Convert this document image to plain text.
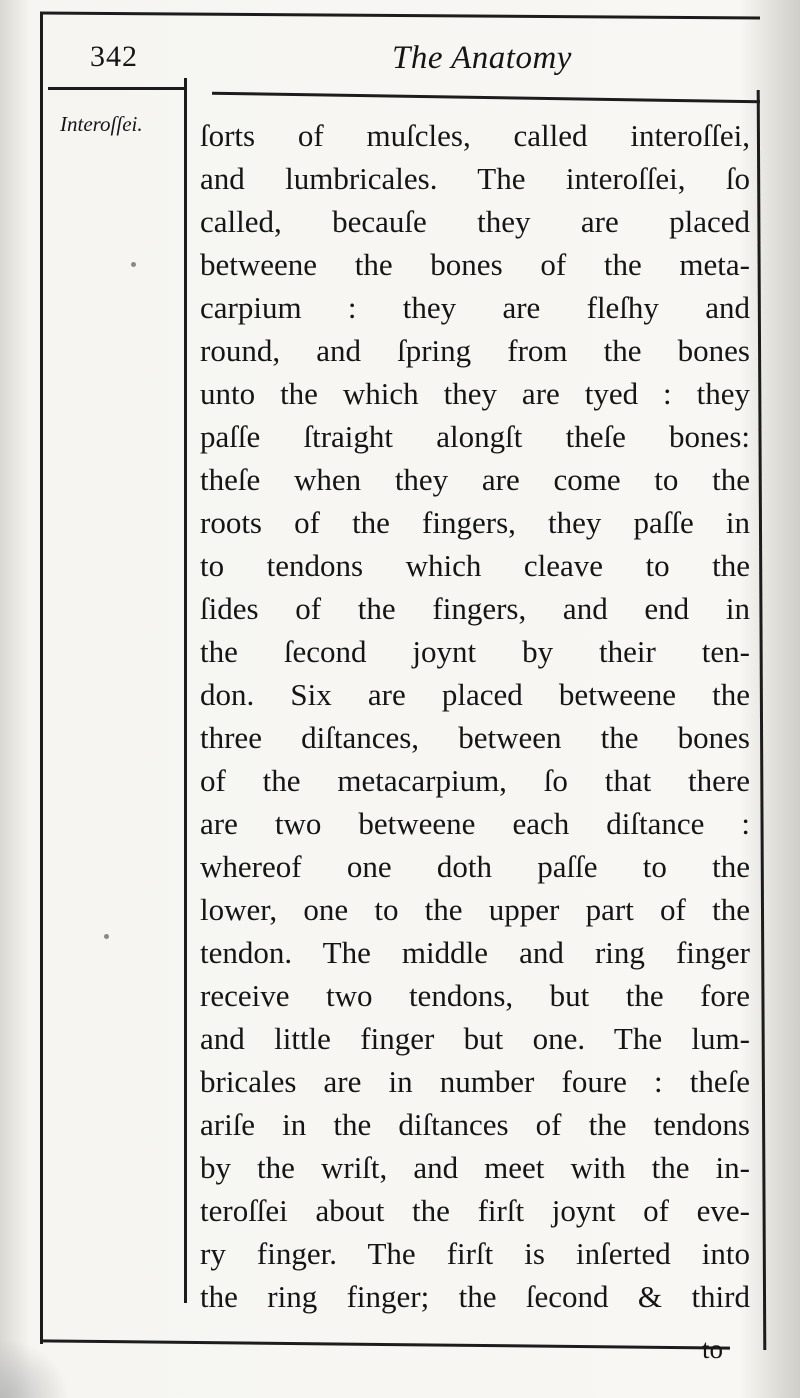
342	The Anatomy
Interoſſei. ſorts of muſcles, called interoſſei,
and lumbricales. The interoſſei, ſo
called, becauſe they are placed
betweene the bones of the meta-
carpium : they are fleſhy and
round, and ſpring from the bones
unto the which they are tyed : they
paſſe ſtraight alongſt theſe bones:
theſe when they are come to the
roots of the fingers, they paſſe in
to tendons which cleave to the
ſides of the fingers, and end in
the ſecond joynt by their ten-
don. Six are placed betweene the
three diſtances, between the bones
of the metacarpium, ſo that there
are two betweene each diſtance :
whereof one doth paſſe to the
lower, one to the upper part of the
tendon. The middle and ring finger
receive two tendons, but the fore
and little finger but one. The lum-
bricales are in number foure : theſe
ariſe in the diſtances of the tendons
by the wriſt, and meet with the in-
teroſſei about the firſt joynt of eve-
ry finger. The firſt is inſerted into
the ring finger; the ſecond & third
to
